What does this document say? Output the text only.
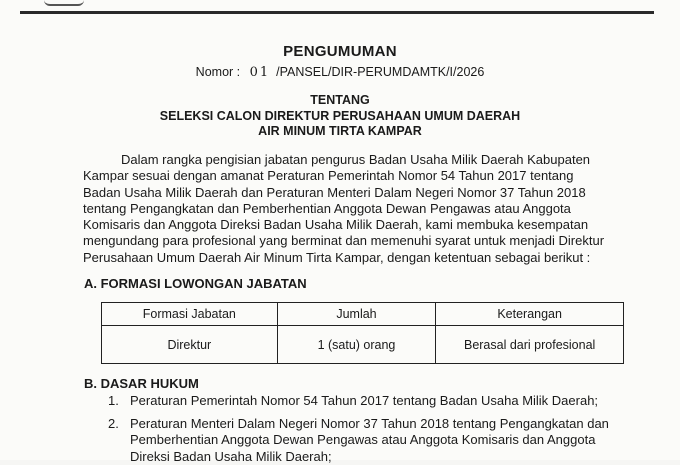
PENGUMUMAN
Nomor : 01 /PANSEL/DIR-PERUMDAMTK/I/2026
TENTANG
SELEKSI CALON DIREKTUR PERUSAHAAN UMUM DAERAH
AIR MINUM TIRTA KAMPAR
Dalam rangka pengisian jabatan pengurus Badan Usaha Milik Daerah Kabupaten
Kampar sesuai dengan amanat Peraturan Pemerintah Nomor 54 Tahun 2017 tentang
Badan Usaha Milik Daerah dan Peraturan Menteri Dalam Negeri Nomor 37 Tahun 2018
tentang Pengangkatan dan Pemberhentian Anggota Dewan Pengawas atau Anggota
Komisaris dan Anggota Direksi Badan Usaha Milik Daerah, kami membuka kesempatan
mengundang para profesional yang berminat dan memenuhi syarat untuk menjadi Direktur
Perusahaan Umum Daerah Air Minum Tirta Kampar, dengan ketentuan sebagai berikut :
A. FORMASI LOWONGAN JABATAN
Formasi Jabatan	Jumlah	Keterangan
Direktur	1 (satu) orang	Berasal dari profesional
B. DASAR HUKUM
1. Peraturan Pemerintah Nomor 54 Tahun 2017 tentang Badan Usaha Milik Daerah;
2. Peraturan Menteri Dalam Negeri Nomor 37 Tahun 2018 tentang Pengangkatan dan
Pemberhentian Anggota Dewan Pengawas atau Anggota Komisaris dan Anggota
Direksi Badan Usaha Milik Daerah;
